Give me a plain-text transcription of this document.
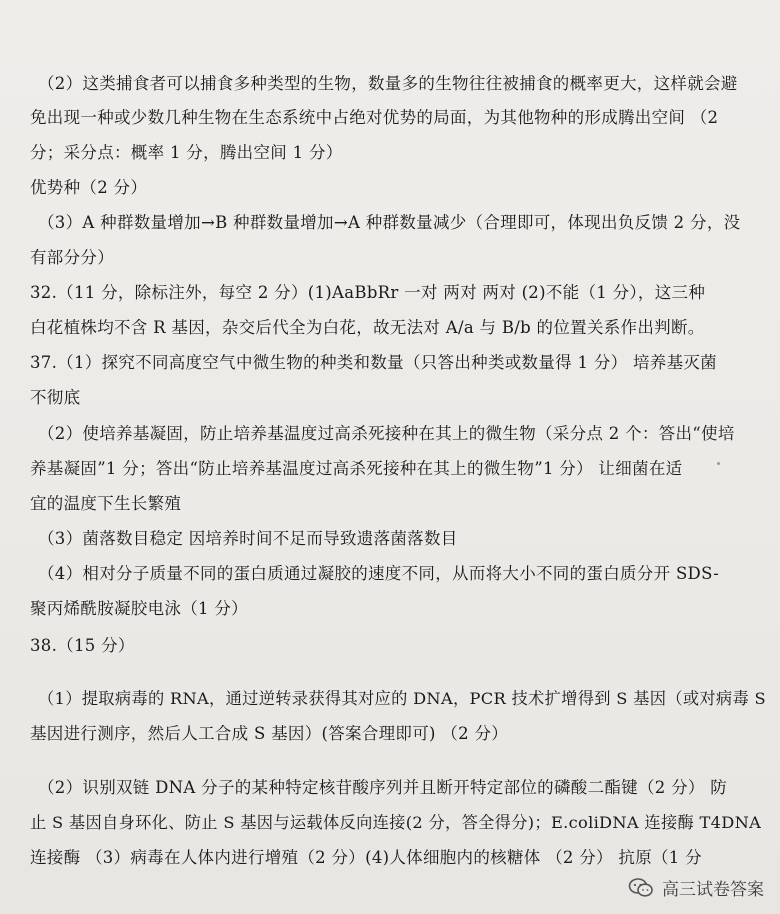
（2）这类捕食者可以捕食多种类型的生物，数量多的生物往往被捕食的概率更大，这样就会避
免出现一种或少数几种生物在生态系统中占绝对优势的局面，为其他物种的形成腾出空间 （2
分；采分点：概率 1 分，腾出空间 1 分）
优势种（2 分）
（3）A 种群数量增加→B 种群数量增加→A 种群数量减少（合理即可，体现出负反馈 2 分，没
有部分分）
32.（11 分，除标注外，每空 2 分）(1)AaBbRr 一对 两对 两对 (2)不能（1 分），这三种
白花植株均不含 R 基因，杂交后代全为白花，故无法对 A/a 与 B/b 的位置关系作出判断。
37.（1）探究不同高度空气中微生物的种类和数量（只答出种类或数量得 1 分） 培养基灭菌
不彻底
（2）使培养基凝固，防止培养基温度过高杀死接种在其上的微生物（采分点 2 个：答出“使培
养基凝固”1 分；答出“防止培养基温度过高杀死接种在其上的微生物”1 分） 让细菌在适
宜的温度下生长繁殖
（3）菌落数目稳定 因培养时间不足而导致遗落菌落数目
（4）相对分子质量不同的蛋白质通过凝胶的速度不同，从而将大小不同的蛋白质分开 SDS-
聚丙烯酰胺凝胶电泳（1 分）
38.（15 分）
（1）提取病毒的 RNA，通过逆转录获得其对应的 DNA，PCR 技术扩增得到 S 基因（或对病毒 S
基因进行测序，然后人工合成 S 基因）(答案合理即可) （2 分）
（2）识别双链 DNA 分子的某种特定核苷酸序列并且断开特定部位的磷酸二酯键（2 分） 防
止 S 基因自身环化、防止 S 基因与运载体反向连接(2 分，答全得分)；E.coliDNA 连接酶 T4DNA
连接酶 （3）病毒在人体内进行增殖（2 分）(4)人体细胞内的核糖体 （2 分） 抗原（1 分
高三试卷答案
